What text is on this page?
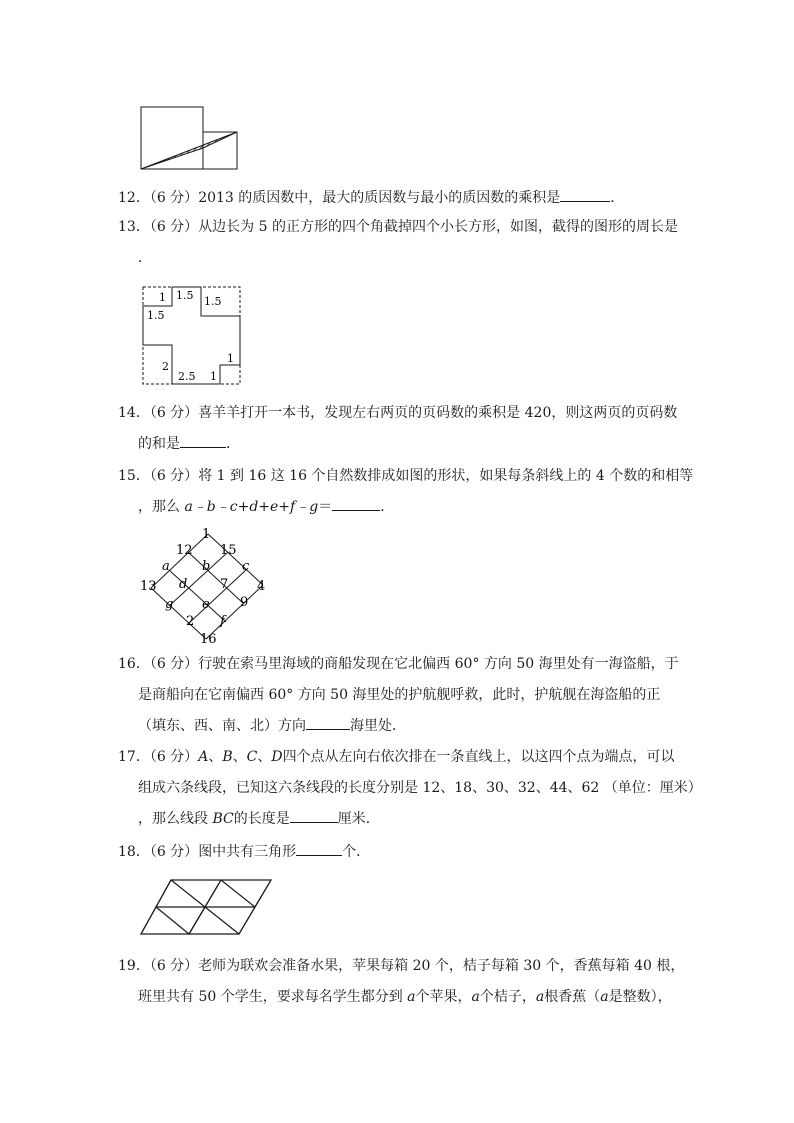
12．（6 分）2013 的质因数中，最大的质因数与最小的质因数的乘积是	．
13．（6 分）从边长为 5 的正方形的四个角截掉四个小长方形，如图，截得的图形的周长是
．
1 1.5 1.5
1.5
1
2
2.5 1
14．（6 分）喜羊羊打开一本书，发现左右两页的页码数的乘积是 420，则这两页的页码数
的和是	．
15．（6 分）将 1 到 16 这 16 个自然数排成如图的形状，如果每条斜线上的 4 个数的和相等
，那么 a﹣b﹣c+d+e+f﹣g＝	．
1
12 15
a b c
13 d	7 4
g e 9
2 f
16
16．（6 分）行驶在索马里海域的商船发现在它北偏西 60° 方向 50 海里处有一海盗船，于
是商船向在它南偏西 60° 方向 50 海里处的护航舰呼救，此时，护航舰在海盗船的正
（填东、西、南、北）方向	海里处．
17．（6 分）A、B、C、D四个点从左向右依次排在一条直线上，以这四个点为端点，可以
组成六条线段，已知这六条线段的长度分别是 12、18、30、32、44、62 （单位：厘米）
，那么线段 BC的长度是	厘米．
18．（6 分）图中共有三角形	个．
19．（6 分）老师为联欢会准备水果，苹果每箱 20 个，桔子每箱 30 个，香蕉每箱 40 根，
班里共有 50 个学生，要求每名学生都分到 a个苹果，a个桔子，a根香蕉（a是整数），
